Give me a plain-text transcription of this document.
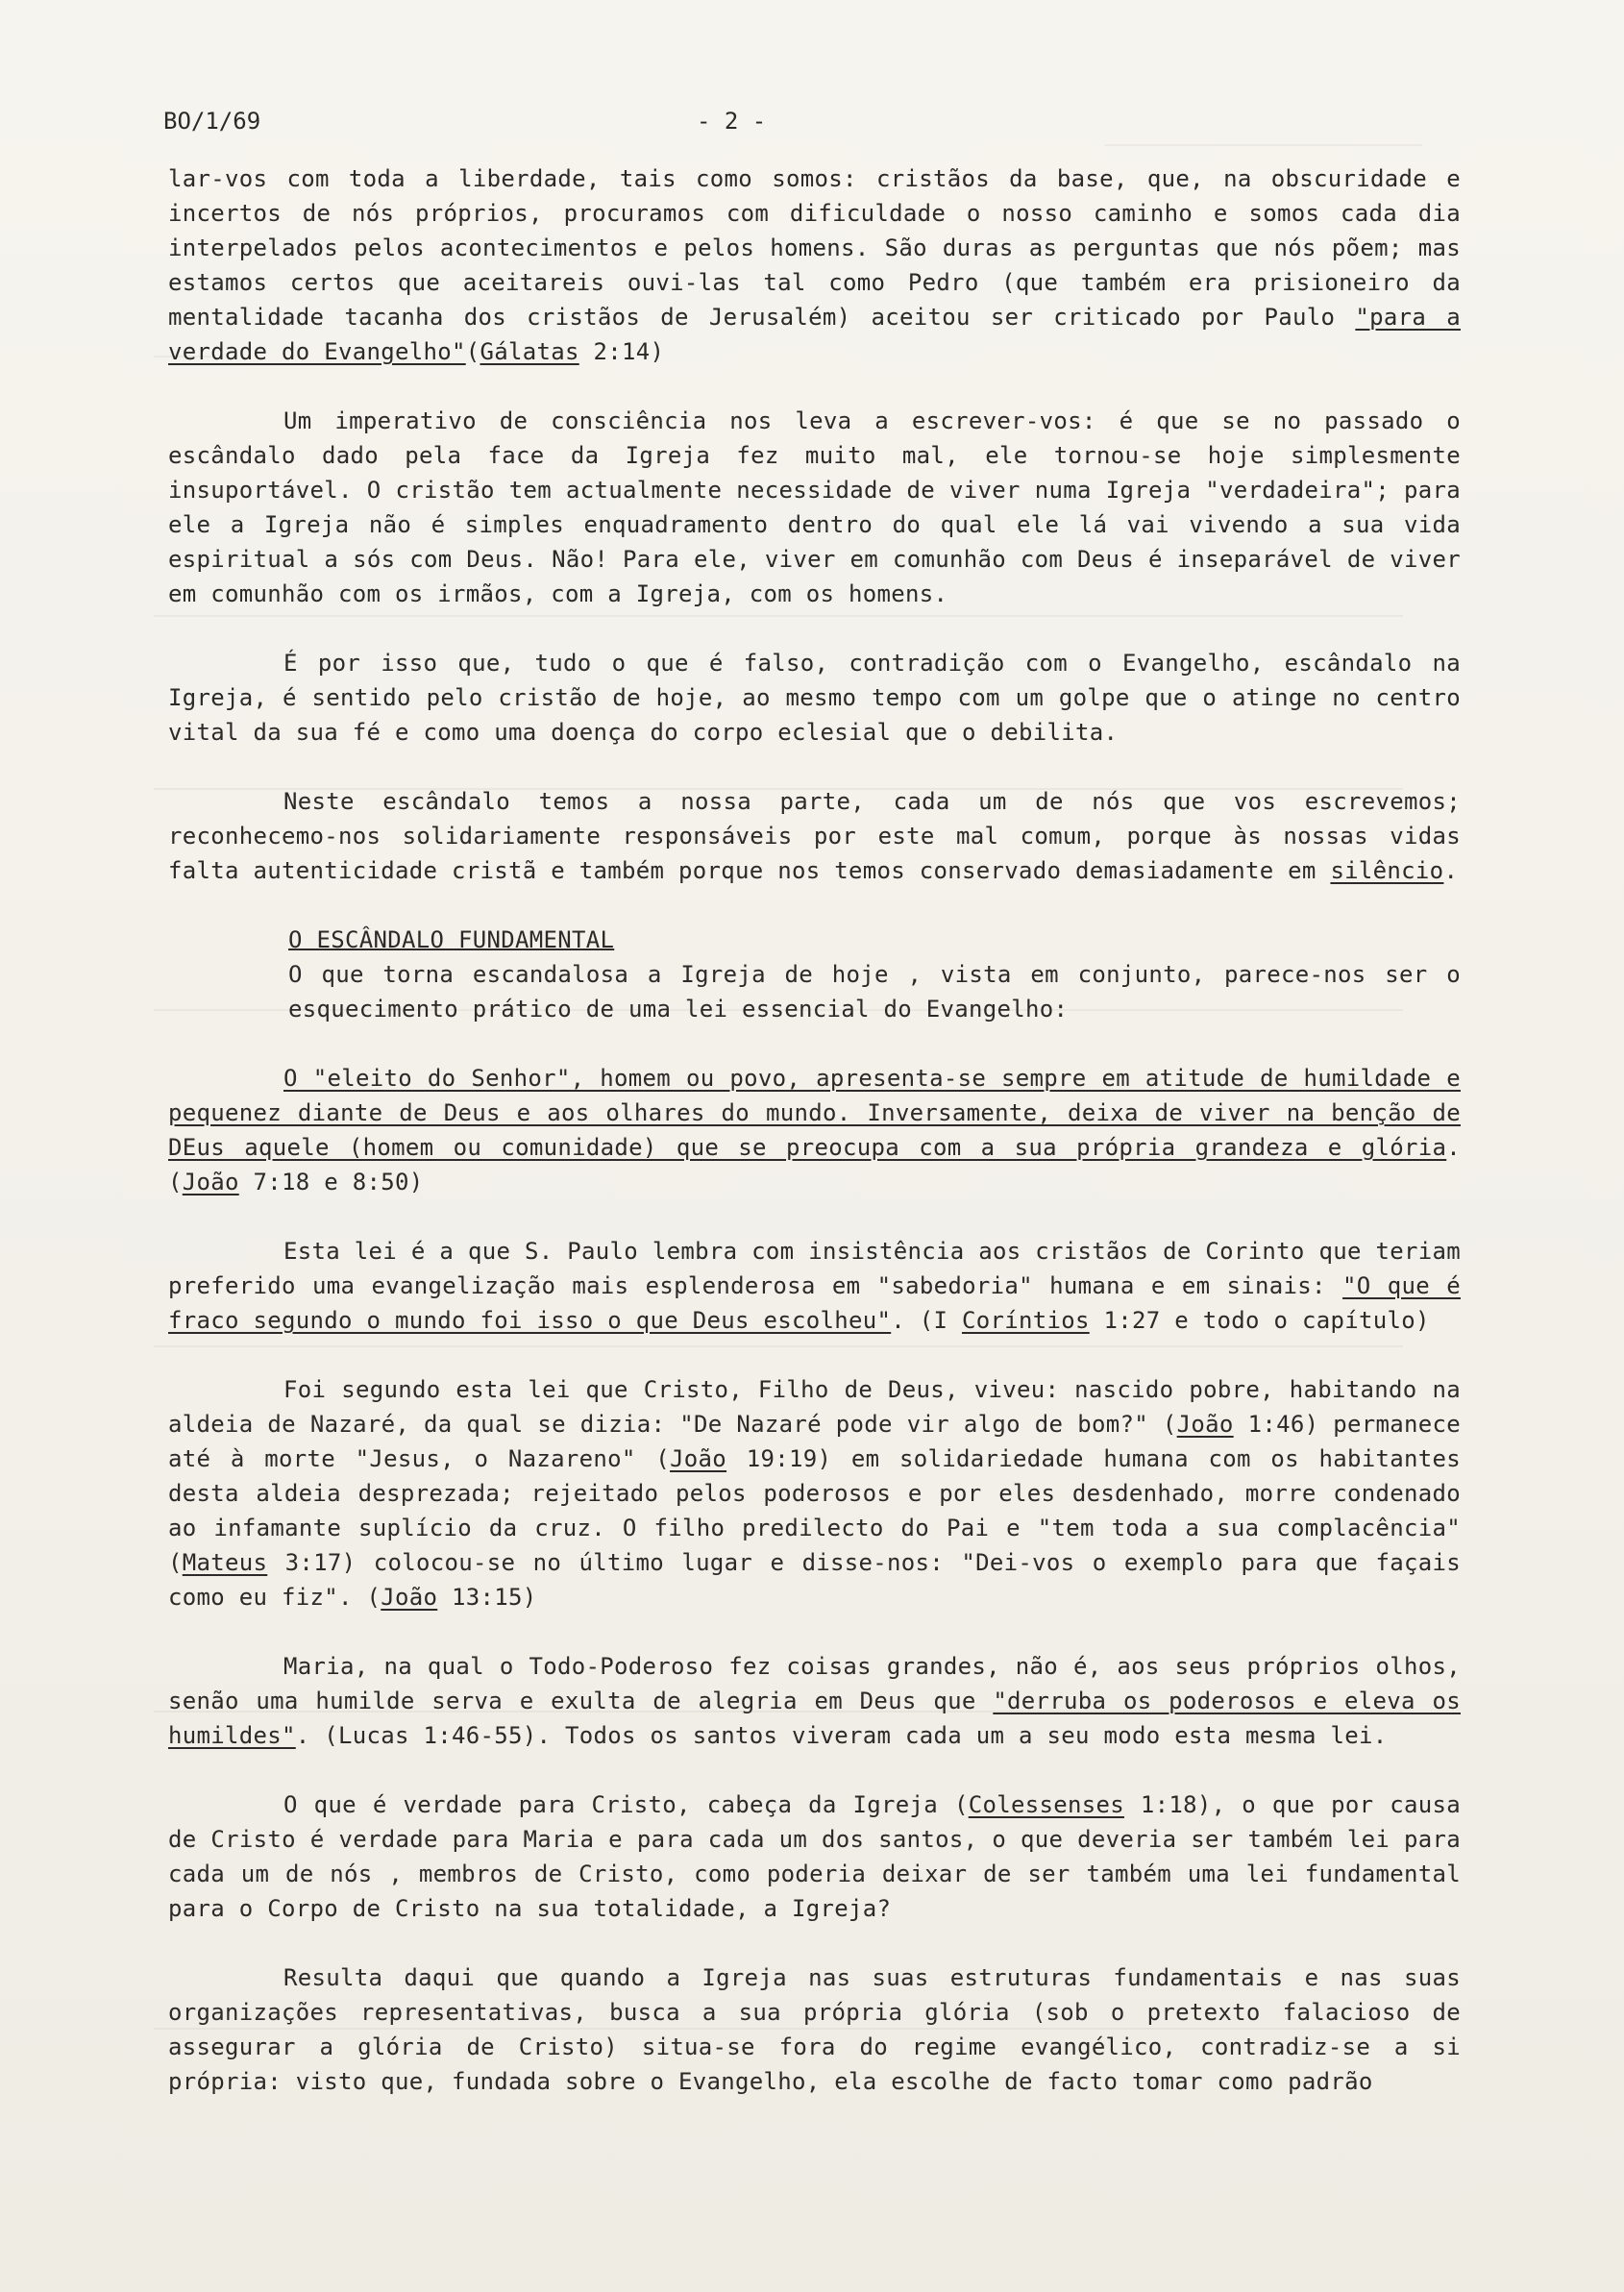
BO/1/69	- 2 -

lar-vos com toda a liberdade, tais como somos: cristãos da base, que, na obscuridade e incertos de nós próprios, procuramos com dificuldade o nosso caminho e somos cada dia interpelados pelos acontecimentos e pelos homens. São duras as perguntas que nós põem; mas estamos certos que aceitareis ouvi-las tal como Pedro (que também era prisioneiro da mentalidade tacanha dos cristãos de Jerusalém) aceitou ser criticado por Paulo "para a verdade do Evangelho"(Gálatas 2:14)

Um imperativo de consciência nos leva a escrever-vos: é que se no passado o escândalo dado pela face da Igreja fez muito mal, ele tornou-se hoje simplesmente insuportável. O cristão tem actualmente necessidade de viver numa Igreja "verdadeira"; para ele a Igreja não é simples enquadramento dentro do qual ele lá vai vivendo a sua vida espiritual a sós com Deus. Não! Para ele, viver em comunhão com Deus é inseparável de viver em comunhão com os irmãos, com a Igreja, com os homens.

É por isso que, tudo o que é falso, contradição com o Evangelho, escândalo na Igreja, é sentido pelo cristão de hoje, ao mesmo tempo com um golpe que o atinge no centro vital da sua fé e como uma doença do corpo eclesial que o debilita.

Neste escândalo temos a nossa parte, cada um de nós que vos escrevemos; reconhecemo-nos solidariamente responsáveis por este mal comum, porque às nossas vidas falta autenticidade cristã e também porque nos temos conservado demasiadamente em silêncio.

O ESCÂNDALO FUNDAMENTAL

O que torna escandalosa a Igreja de hoje , vista em conjunto, parece-nos ser o esquecimento prático de uma lei essencial do Evangelho:

O "eleito do Senhor", homem ou povo, apresenta-se sempre em atitude de humildade e pequenez diante de Deus e aos olhares do mundo. Inversamente, deixa de viver na benção de DEus aquele (homem ou comunidade) que se preocupa com a sua própria grandeza e glória. (João 7:18 e 8:50)

Esta lei é a que S. Paulo lembra com insistência aos cristãos de Corinto que teriam preferido uma evangelização mais esplenderosa em "sabedoria" humana e em sinais: "O que é fraco segundo o mundo foi isso o que Deus escolheu". (I Coríntios 1:27 e todo o capítulo)

Foi segundo esta lei que Cristo, Filho de Deus, viveu: nascido pobre, habitando na aldeia de Nazaré, da qual se dizia: "De Nazaré pode vir algo de bom?" (João 1:46) permanece até à morte "Jesus, o Nazareno" (João 19:19) em solidariedade humana com os habitantes desta aldeia desprezada; rejeitado pelos poderosos e por eles desdenhado, morre condenado ao infamante suplício da cruz. O filho predilecto do Pai e "tem toda a sua complacência" (Mateus 3:17) colocou-se no último lugar e disse-nos: "Dei-vos o exemplo para que façais como eu fiz". (João 13:15)

Maria, na qual o Todo-Poderoso fez coisas grandes, não é, aos seus próprios olhos, senão uma humilde serva e exulta de alegria em Deus que "derruba os poderosos e eleva os humildes". (Lucas 1:46-55). Todos os santos viveram cada um a seu modo esta mesma lei.

O que é verdade para Cristo, cabeça da Igreja (Colessenses 1:18), o que por causa de Cristo é verdade para Maria e para cada um dos santos, o que deveria ser também lei para cada um de nós , membros de Cristo, como poderia deixar de ser também uma lei fundamental para o Corpo de Cristo na sua totalidade, a Igreja?

Resulta daqui que quando a Igreja nas suas estruturas fundamentais e nas suas organizações representativas, busca a sua própria glória (sob o pretexto falacioso de assegurar a glória de Cristo) situa-se fora do regime evangélico, contradiz-se a si própria: visto que, fundada sobre o Evangelho, ela escolhe de facto tomar como padrão
